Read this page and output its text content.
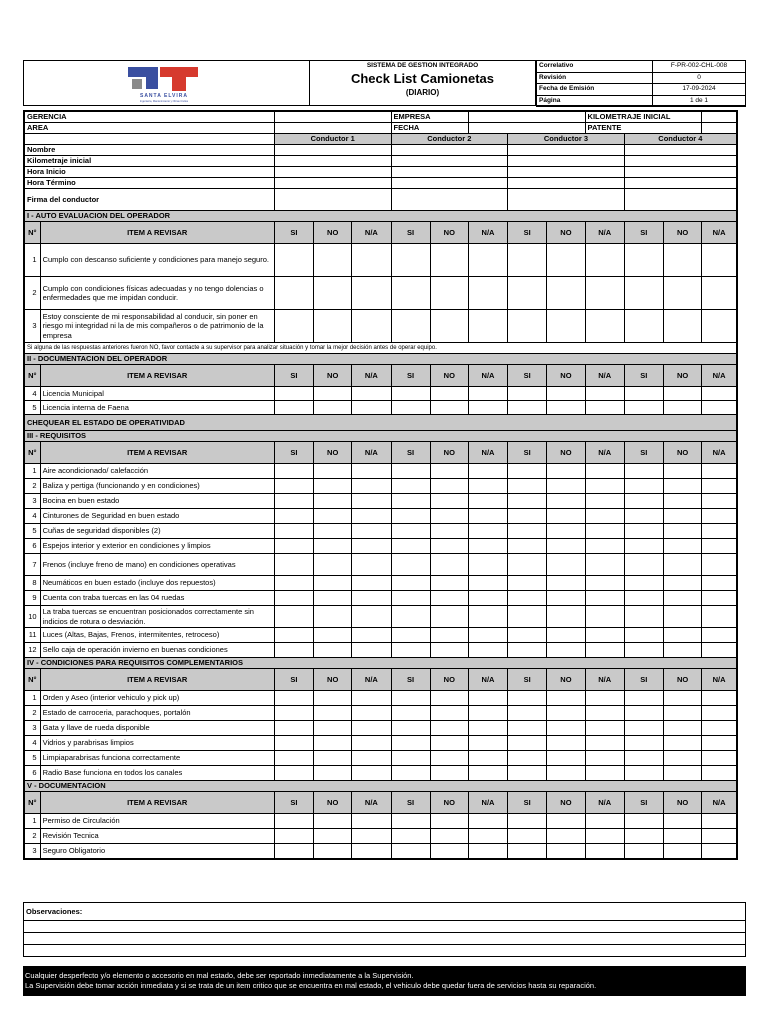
SANTA ELVIRA
Ingeniería, Mantenimiento y Obras Civiles
SISTEMA DE GESTION INTEGRADO
Check List Camionetas
(DIARIO)
Correlativo	F-PR-002-CHL-008
Revisión	0
Fecha de Emisión	17-09-2024
Página	1 de 1
GERENCIA					EMPRESA					KILOMETRAJE INICIAL			
AREA					FECHA					PATENTE			
		Conductor 1			Conductor 2			Conductor 3			Conductor 4		
Nombre													
Kilometraje inicial													
Hora Inicio													
Hora Término													
Firma del conductor													
I - AUTO EVALUACION DEL OPERADOR													
N°	ITEM A REVISAR	SI	NO	N/A	SI	NO	N/A	SI	NO	N/A	SI	NO	N/A
1	Cumplo con descanso suficiente y condiciones para manejo seguro.												
2	Cumplo con condiciones físicas adecuadas y no tengo dolencias o enfermedades que me impidan conducir.												
3	Estoy consciente de mi responsabilidad al conducir, sin poner en riesgo mi integridad ni la de mis compañeros o de patrimonio de la empresa												
Si alguna de las respuestas anteriores fueron NO, favor contacte a su supervisor para analizar situación y tomar la mejor decisión antes de operar equipo.													
II - DOCUMENTACION DEL OPERADOR													
N°	ITEM A REVISAR	SI	NO	N/A	SI	NO	N/A	SI	NO	N/A	SI	NO	N/A
4	Licencia Municipal												
5	Licencia interna de Faena												
CHEQUEAR EL ESTADO DE OPERATIVIDAD													
III - REQUISITOS													
N°	ITEM A REVISAR	SI	NO	N/A	SI	NO	N/A	SI	NO	N/A	SI	NO	N/A
1	Aire acondicionado/ calefacción												
2	Baliza y pertiga (funcionando y en condiciones)												
3	Bocina en buen estado												
4	Cinturones de Seguridad en buen estado												
5	Cuñas de seguridad disponibles (2)												
6	Espejos interior y exterior en condiciones y limpios												
7	Frenos (incluye freno de mano) en condiciones operativas												
8	Neumáticos en buen estado (incluye dos repuestos)												
9	Cuenta con traba tuercas en las 04 ruedas												
10	La traba tuercas se encuentran posicionados correctamente sin indicios de rotura o desviación.												
11	Luces (Altas, Bajas, Frenos, intermitentes, retroceso)												
12	Sello caja de operación invierno en buenas condiciones												
IV - CONDICIONES PARA REQUISITOS COMPLEMENTARIOS													
N°	ITEM A REVISAR	SI	NO	N/A	SI	NO	N/A	SI	NO	N/A	SI	NO	N/A
1	Orden y Aseo (interior vehiculo y pick up)												
2	Estado de carroceria, parachoques, portalón												
3	Gata y llave de rueda disponible												
4	Vidrios y parabrisas limpios												
5	Limpiaparabrisas funciona correctamente												
6	Radio Base funciona en todos los canales												
V - DOCUMENTACION													
N°	ITEM A REVISAR	SI	NO	N/A	SI	NO	N/A	SI	NO	N/A	SI	NO	N/A
1	Permiso de Circulación												
2	Revisión Tecnica												
3	Seguro Obligatorio												
Observaciones:

Cualquier desperfecto y/o elemento o accesorio en mal estado, debe ser reportado inmediatamente a la Supervisión.
La Supervisión debe tomar acción inmediata y si se trata de un item critico que se encuentra en mal estado, el vehiculo debe quedar fuera de servicios hasta su reparación.
